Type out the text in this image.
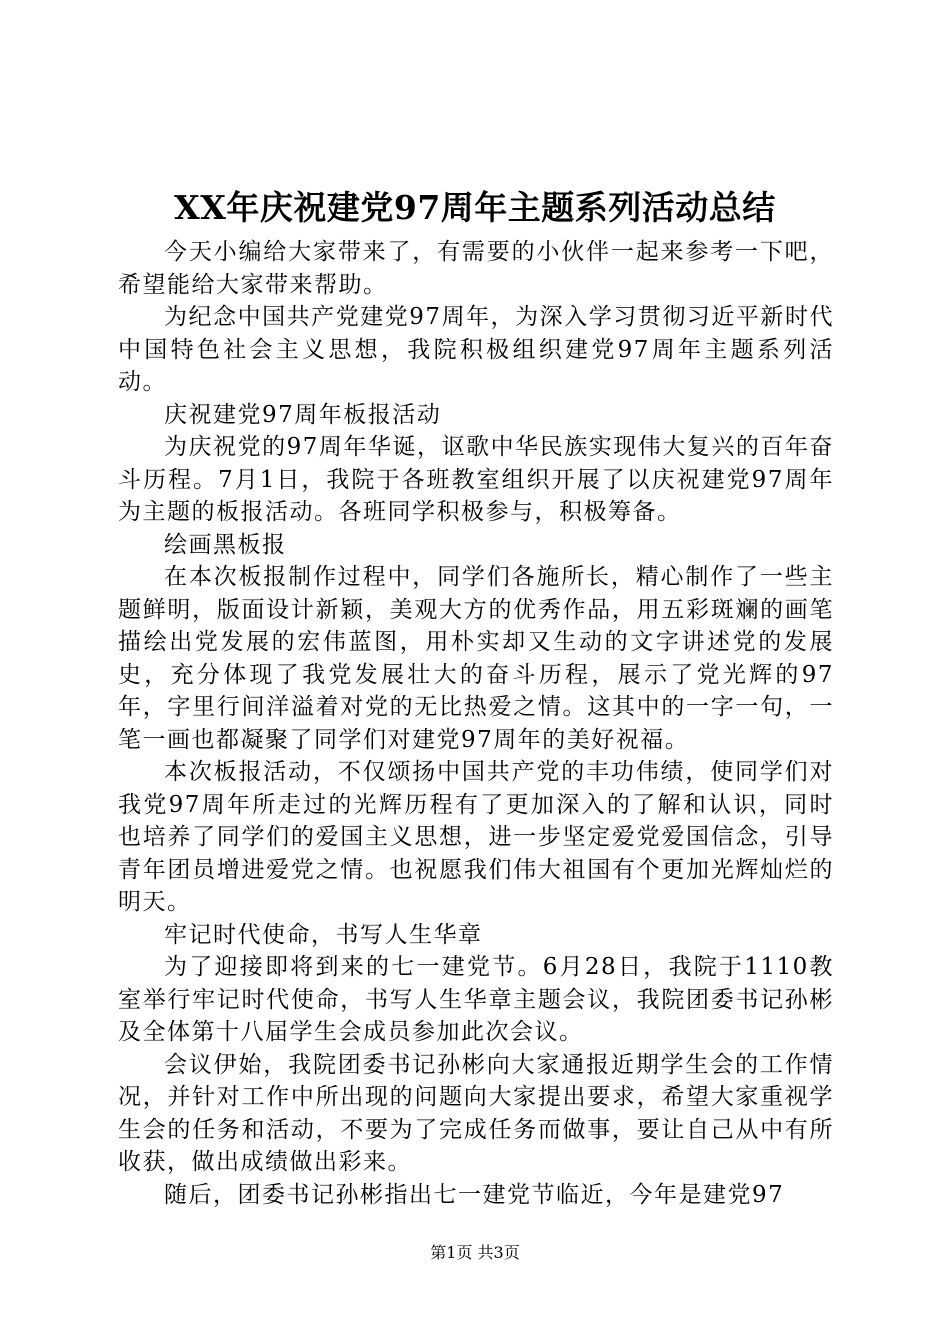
XX年庆祝建党97周年主题系列活动总结

今天小编给大家带来了，有需要的小伙伴一起来参考一下吧，希望能给大家带来帮助。

为纪念中国共产党建党97周年，为深入学习贯彻习近平新时代中国特色社会主义思想，我院积极组织建党97周年主题系列活动。

庆祝建党97周年板报活动

为庆祝党的97周年华诞，讴歌中华民族实现伟大复兴的百年奋斗历程。7月1日，我院于各班教室组织开展了以庆祝建党97周年为主题的板报活动。各班同学积极参与，积极筹备。

绘画黑板报

在本次板报制作过程中，同学们各施所长，精心制作了一些主题鲜明，版面设计新颖，美观大方的优秀作品，用五彩斑斓的画笔描绘出党发展的宏伟蓝图，用朴实却又生动的文字讲述党的发展史，充分体现了我党发展壮大的奋斗历程，展示了党光辉的97年，字里行间洋溢着对党的无比热爱之情。这其中的一字一句，一笔一画也都凝聚了同学们对建党97周年的美好祝福。

本次板报活动，不仅颂扬中国共产党的丰功伟绩，使同学们对我党97周年所走过的光辉历程有了更加深入的了解和认识，同时也培养了同学们的爱国主义思想，进一步坚定爱党爱国信念，引导青年团员增进爱党之情。也祝愿我们伟大祖国有个更加光辉灿烂的明天。

牢记时代使命，书写人生华章

为了迎接即将到来的七一建党节。6月28日，我院于1110教室举行牢记时代使命，书写人生华章主题会议，我院团委书记孙彬及全体第十八届学生会成员参加此次会议。

会议伊始，我院团委书记孙彬向大家通报近期学生会的工作情况，并针对工作中所出现的问题向大家提出要求，希望大家重视学生会的任务和活动，不要为了完成任务而做事，要让自己从中有所收获，做出成绩做出彩来。

随后，团委书记孙彬指出七一建党节临近，今年是建党97

第1页 共3页
